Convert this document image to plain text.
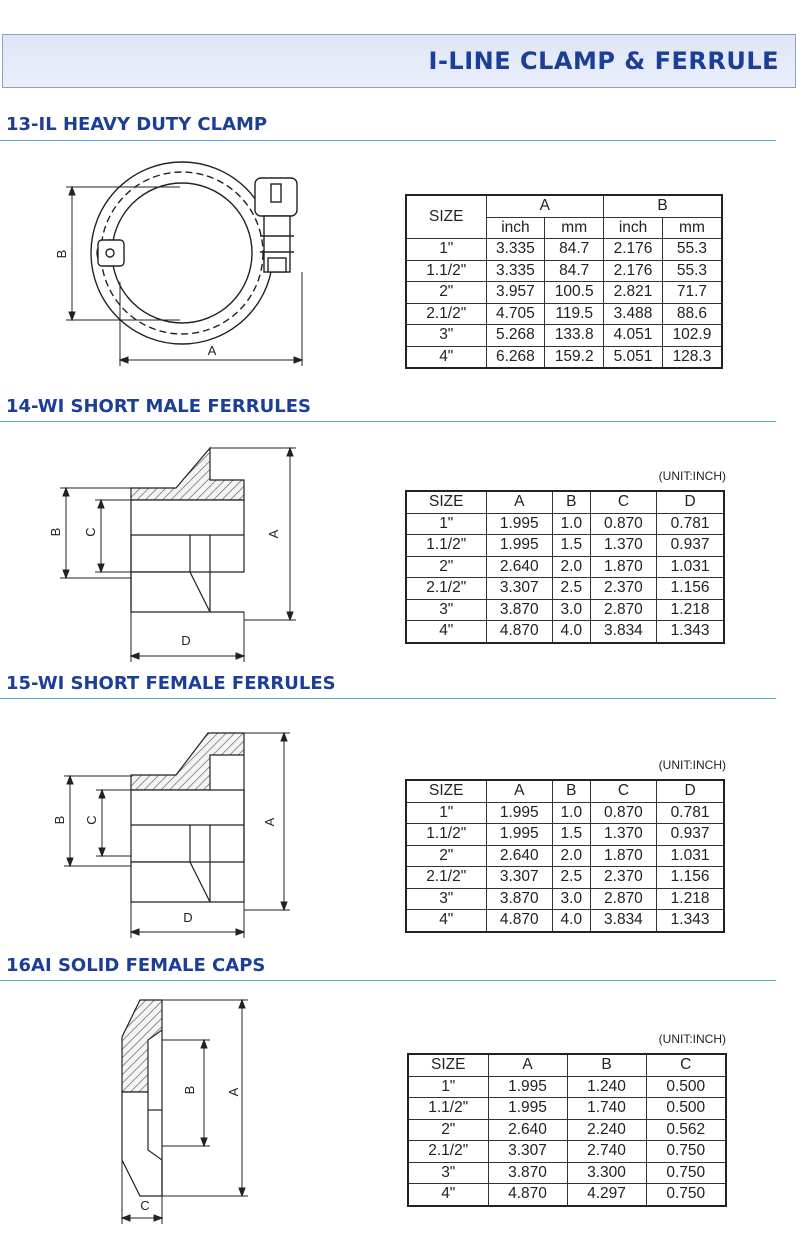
I-LINE CLAMP & FERRULE
13-IL HEAVY DUTY CLAMP
14-WI SHORT MALE FERRULES
15-WI SHORT FEMALE FERRULES
16AI SOLID FEMALE CAPS
(UNIT:INCH)
(UNIT:INCH)
(UNIT:INCH)
B
A
B C	A
D
B C	A
D
B A
C
SIZE	A		B	
	inch	mm	inch	mm
1"	3.335	84.7	2.176	55.3
1.1/2"	3.335	84.7	2.176	55.3
2"	3.957	100.5	2.821	71.7
2.1/2"	4.705	119.5	3.488	88.6
3"	5.268	133.8	4.051	102.9
4"	6.268	159.2	5.051	128.3
SIZE	A	B	C	D
1"	1.995	1.0	0.870	0.781
1.1/2"	1.995	1.5	1.370	0.937
2"	2.640	2.0	1.870	1.031
2.1/2"	3.307	2.5	2.370	1.156
3"	3.870	3.0	2.870	1.218
4"	4.870	4.0	3.834	1.343
SIZE	A	B	C	D
1"	1.995	1.0	0.870	0.781
1.1/2"	1.995	1.5	1.370	0.937
2"	2.640	2.0	1.870	1.031
2.1/2"	3.307	2.5	2.370	1.156
3"	3.870	3.0	2.870	1.218
4"	4.870	4.0	3.834	1.343
SIZE	A	B	C
1"	1.995	1.240	0.500
1.1/2"	1.995	1.740	0.500
2"	2.640	2.240	0.562
2.1/2"	3.307	2.740	0.750
3"	3.870	3.300	0.750
4"	4.870	4.297	0.750
